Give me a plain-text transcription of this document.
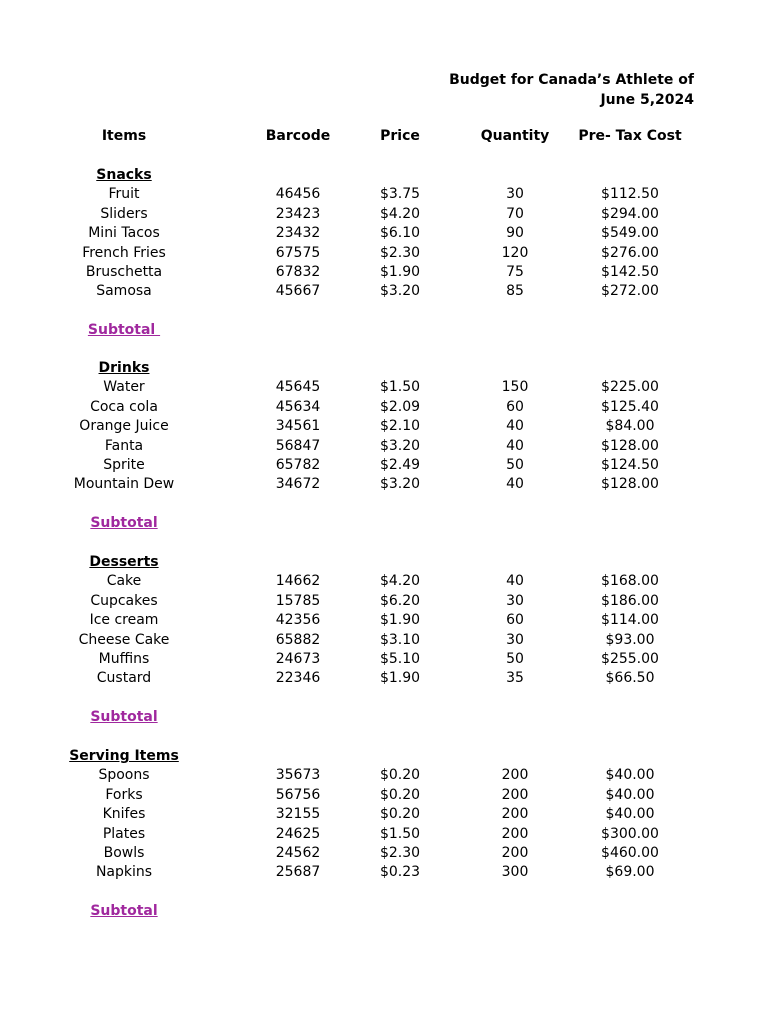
Budget for Canada’s Athlete of
June 5,2024
Items	Barcode	Price	Quantity	Pre- Tax Cost
Snacks
Fruit	46456	$3.75	30	$112.50
Sliders	23423	$4.20	70	$294.00
Mini Tacos	23432	$6.10	90	$549.00
French Fries	67575	$2.30	120	$276.00
Bruschetta	67832	$1.90	75	$142.50
Samosa	45667	$3.20	85	$272.00
Subtotal
Drinks
Water	45645	$1.50	150	$225.00
Coca cola	45634	$2.09	60	$125.40
Orange Juice	34561	$2.10	40	$84.00
Fanta	56847	$3.20	40	$128.00
Sprite	65782	$2.49	50	$124.50
Mountain Dew	34672	$3.20	40	$128.00
Subtotal
Desserts
Cake	14662	$4.20	40	$168.00
Cupcakes	15785	$6.20	30	$186.00
Ice cream	42356	$1.90	60	$114.00
Cheese Cake	65882	$3.10	30	$93.00
Muffins	24673	$5.10	50	$255.00
Custard	22346	$1.90	35	$66.50
Subtotal
Serving Items
Spoons	35673	$0.20	200	$40.00
Forks	56756	$0.20	200	$40.00
Knifes	32155	$0.20	200	$40.00
Plates	24625	$1.50	200	$300.00
Bowls	24562	$2.30	200	$460.00
Napkins	25687	$0.23	300	$69.00
Subtotal
